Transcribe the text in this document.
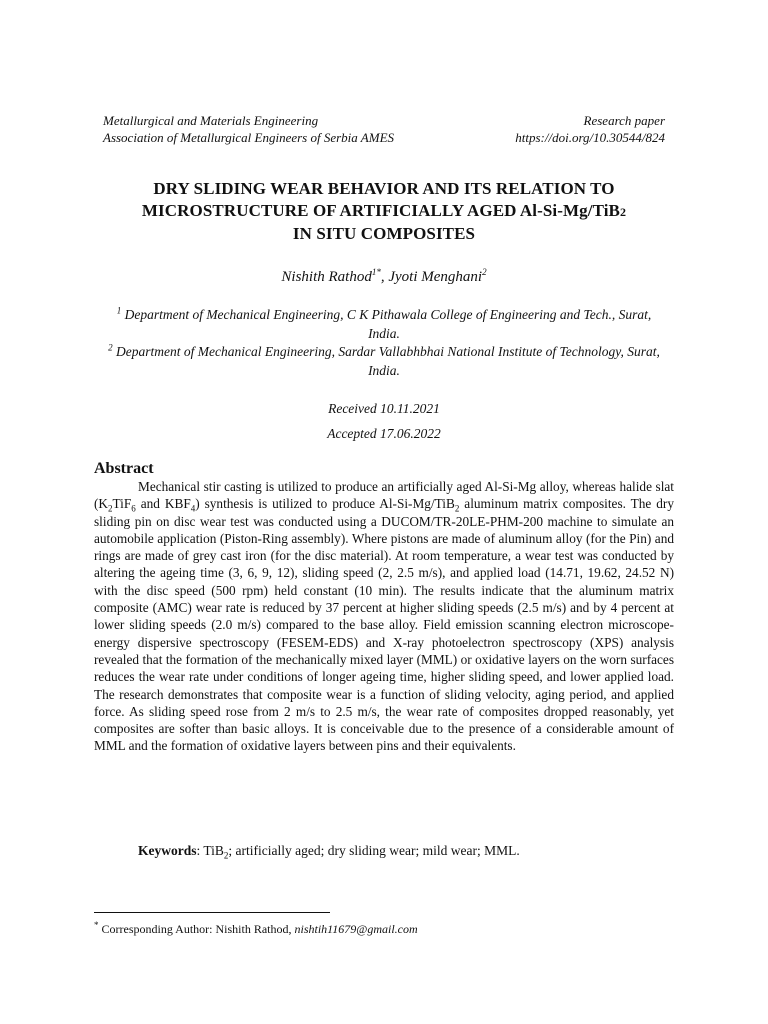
Metallurgical and Materials Engineering	Research paper
Association of Metallurgical Engineers of Serbia AMES	https://doi.org/10.30544/824
DRY SLIDING WEAR BEHAVIOR AND ITS RELATION TO
MICROSTRUCTURE OF ARTIFICIALLY AGED Al-Si-Mg/TiB2
IN SITU COMPOSITES
Nishith Rathod$^{1*}$, Jyoti Menghani$^2$
$^1$ Department of Mechanical Engineering, C K Pithawala College of Engineering and Tech., Surat, India.
$^2$ Department of Mechanical Engineering, Sardar Vallabhbhai National Institute of Technology, Surat, India.
Received 10.11.2021
Accepted 17.06.2022
Abstract
Mechanical stir casting is utilized to produce an artificially aged Al-Si-Mg alloy, whereas halide slat ($K_2TiF_6$ and $KBF_4$) synthesis is utilized to produce Al-Si-Mg/TiB$_2$ aluminum matrix composites. The dry sliding pin on disc wear test was conducted using a DUCOM/TR-20LE-PHM-200 machine to simulate an automobile application (Piston-Ring assembly). Where pistons are made of aluminum alloy (for the Pin) and rings are made of grey cast iron (for the disc material). At room temperature, a wear test was conducted by altering the ageing time (3, 6, 9, 12), sliding speed (2, 2.5 m/s), and applied load (14.71, 19.62, 24.52 N) with the disc speed (500 rpm) held constant (10 min). The results indicate that the aluminum matrix composite (AMC) wear rate is reduced by 37 percent at higher sliding speeds (2.5 m/s) and by 4 percent at lower sliding speeds (2.0 m/s) compared to the base alloy. Field emission scanning electron microscope-energy dispersive spectroscopy (FESEM-EDS) and X-ray photoelectron spectroscopy (XPS) analysis revealed that the formation of the mechanically mixed layer (MML) or oxidative layers on the worn surfaces reduces the wear rate under conditions of longer ageing time, higher sliding speed, and lower applied load. The research demonstrates that composite wear is a function of sliding velocity, aging period, and applied force. As sliding speed rose from 2 m/s to 2.5 m/s, the wear rate of composites dropped reasonably, yet composites are softer than basic alloys. It is conceivable due to the presence of a considerable amount of MML and the formation of oxidative layers between pins and their equivalents.
Keywords: TiB$_2$; artificially aged; dry sliding wear; mild wear; MML.
* Corresponding Author: Nishith Rathod, nishtih11679@gmail.com
